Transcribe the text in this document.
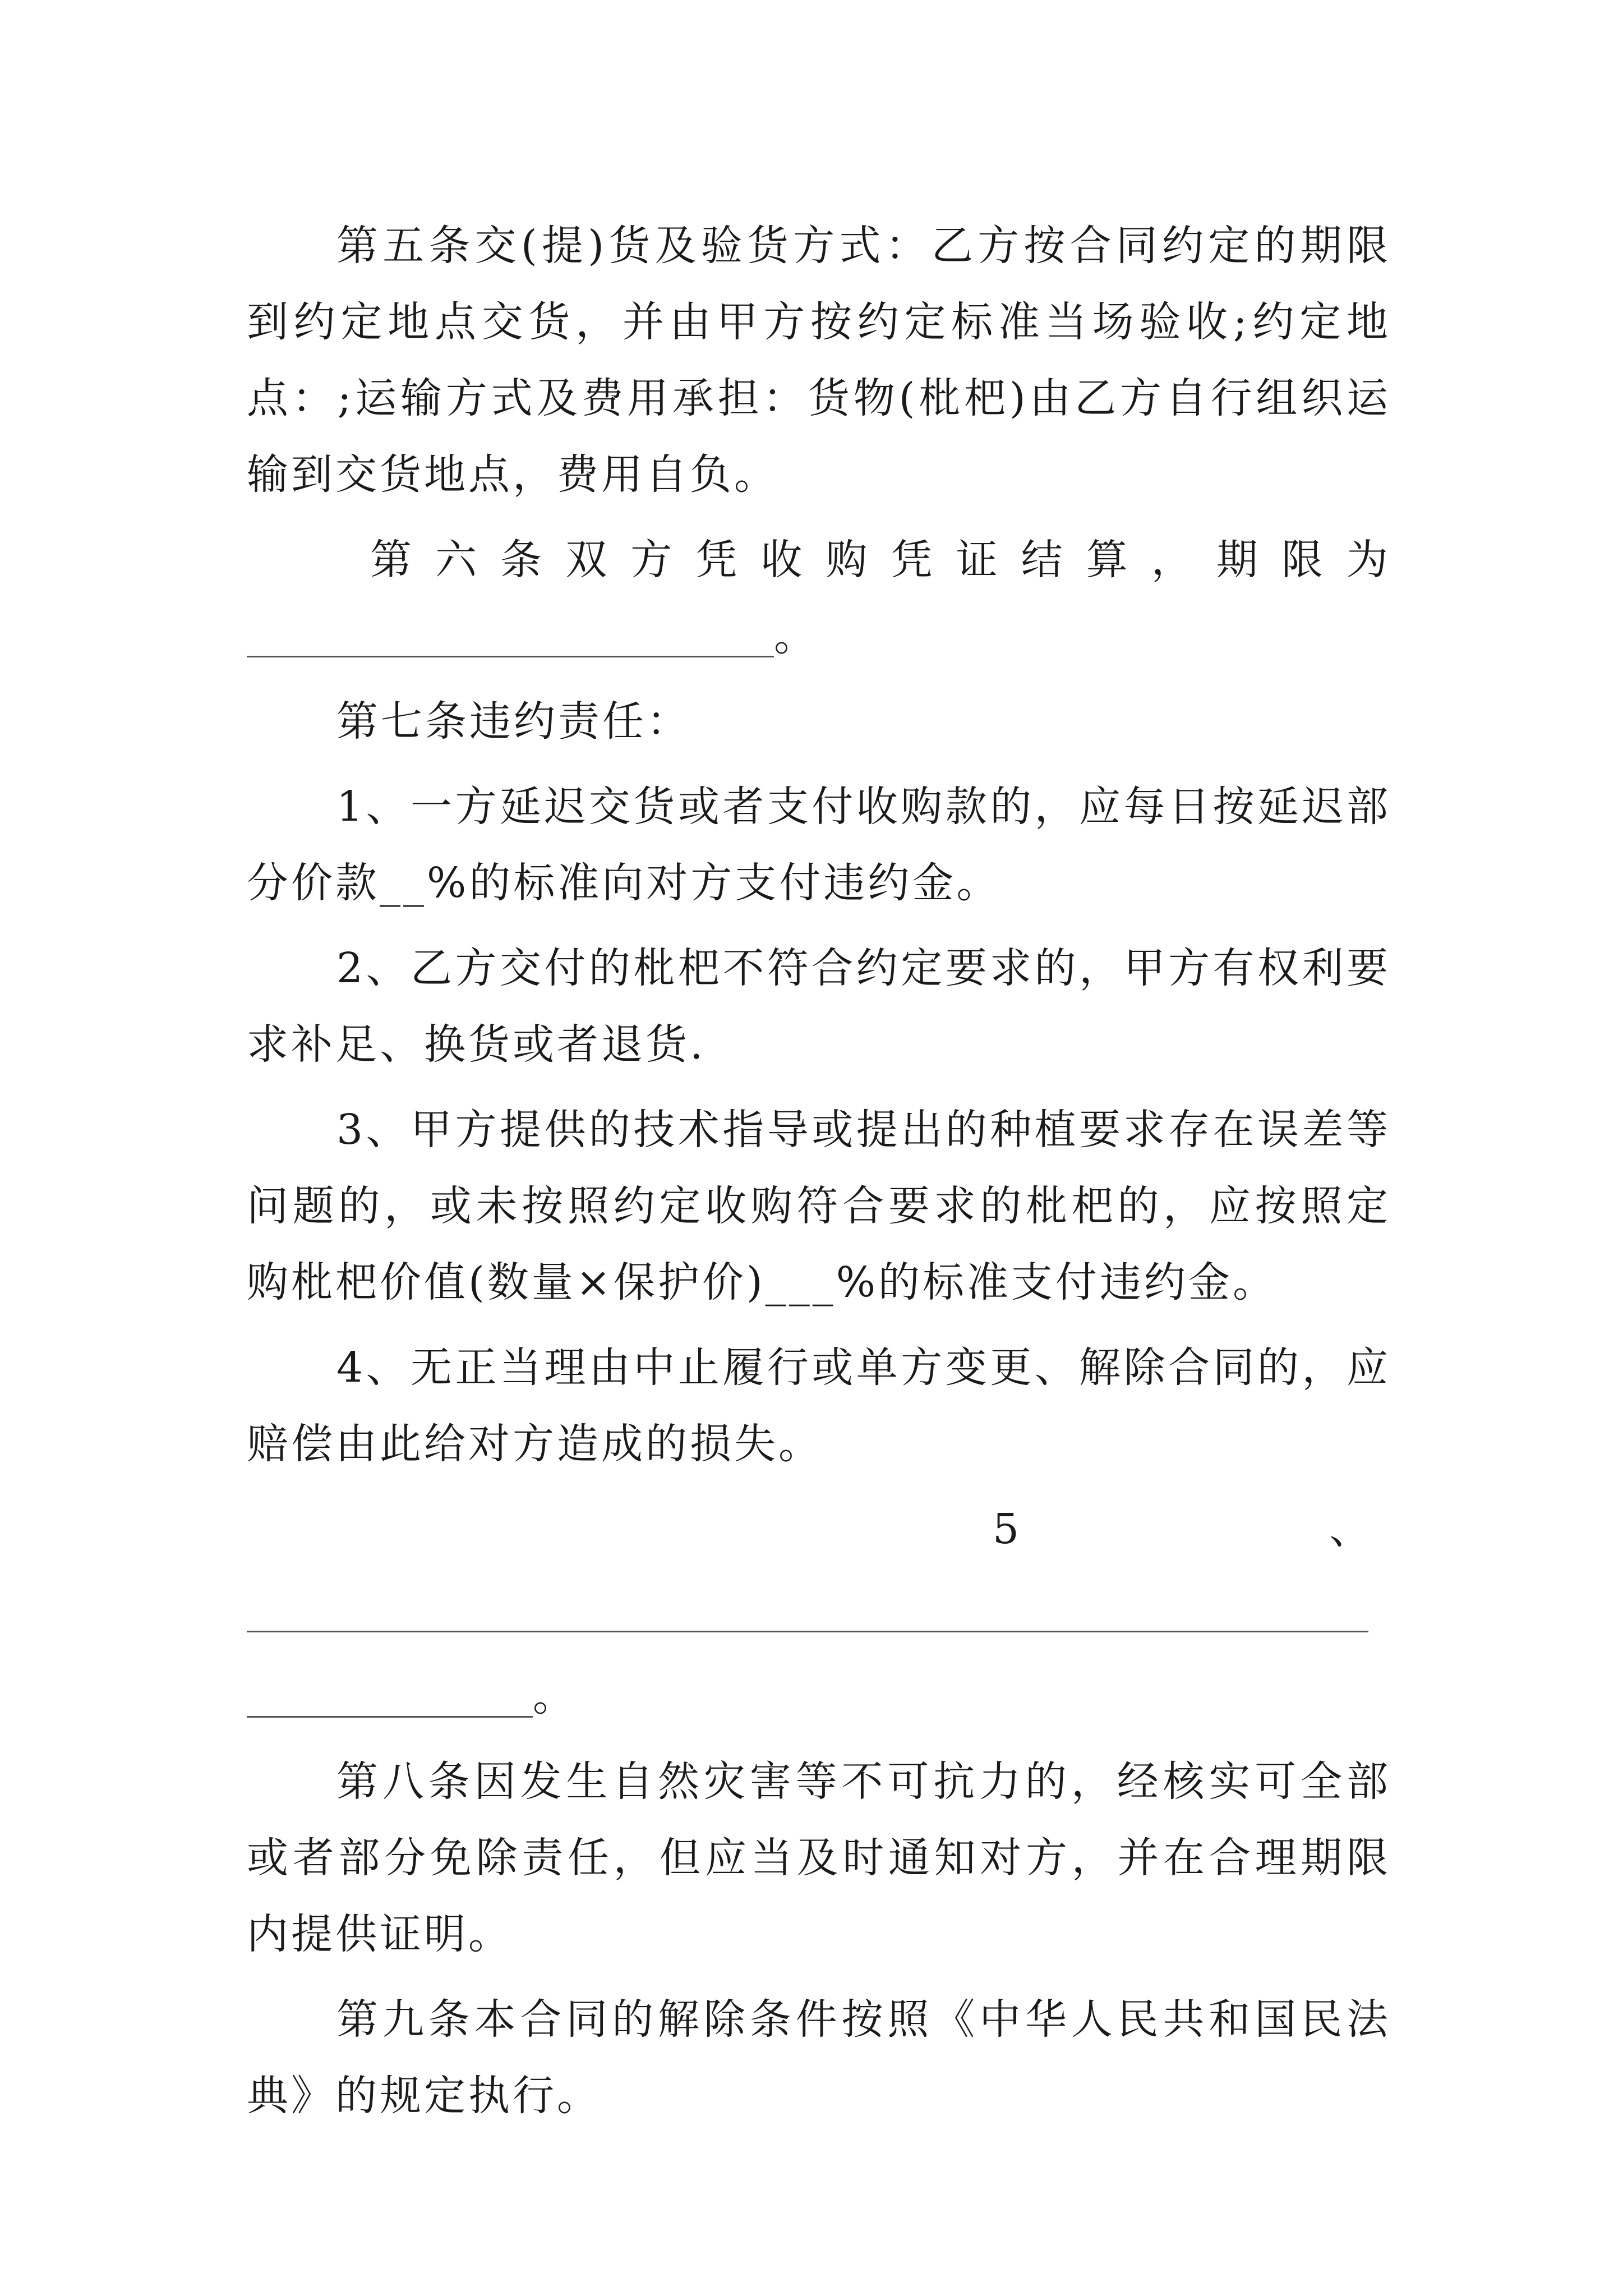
第五条交(提)货及验货方式：乙方按合同约定的期限到约定地点交货，并由甲方按约定标准当场验收;约定地点：;运输方式及费用承担：货物(枇杷)由乙方自行组织运输到交货地点，费用自负。

第六条双方凭收购凭证结算，期限为

。

第七条违约责任：

1、一方延迟交货或者支付收购款的，应每日按延迟部分价款__%的标准向对方支付违约金。

2、乙方交付的枇杷不符合约定要求的，甲方有权利要求补足、换货或者退货.

3、甲方提供的技术指导或提出的种植要求存在误差等问题的，或未按照约定收购符合要求的枇杷的，应按照定购枇杷价值(数量×保护价)___%的标准支付违约金。

4、无正当理由中止履行或单方变更、解除合同的，应赔偿由此给对方造成的损失。

5	、
。

第八条因发生自然灾害等不可抗力的，经核实可全部或者部分免除责任，但应当及时通知对方，并在合理期限内提供证明。

第九条本合同的解除条件按照《中华人民共和国民法典》的规定执行。
